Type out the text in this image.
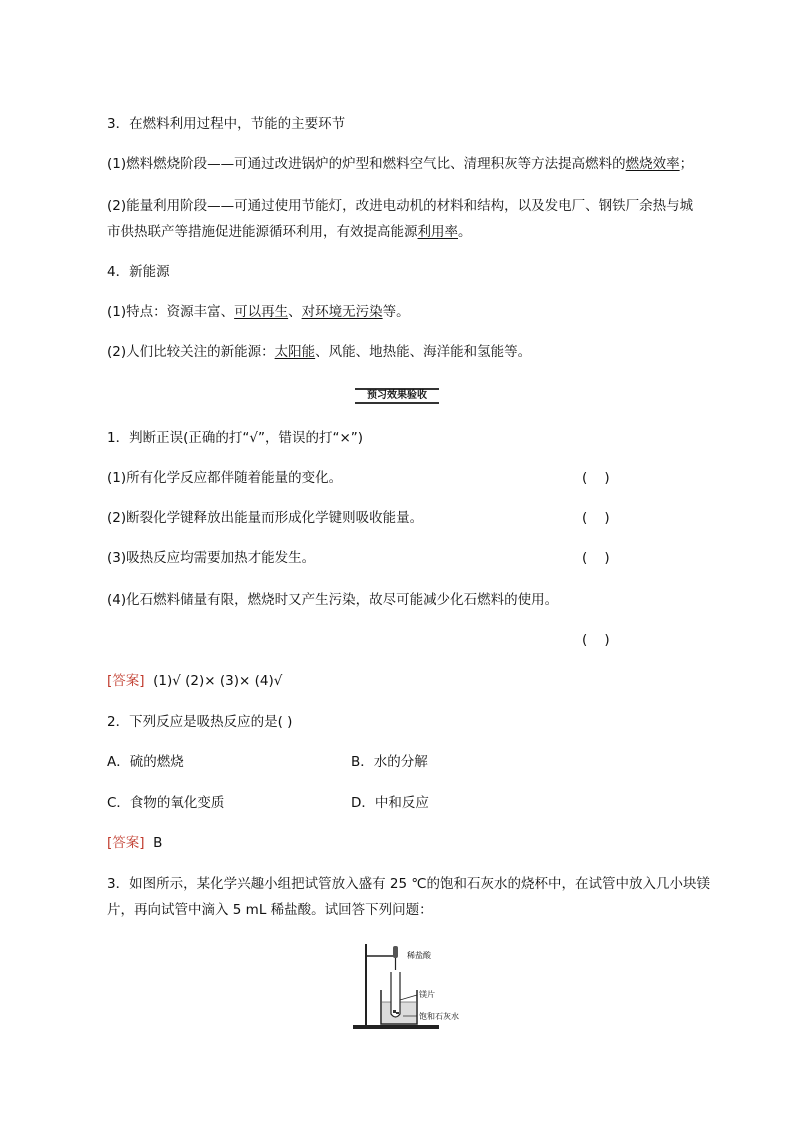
3．在燃料利用过程中，节能的主要环节
(1)燃料燃烧阶段——可通过改进锅炉的炉型和燃料空气比、清理积灰等方法提高燃料的燃烧效率；
(2)能量利用阶段——可通过使用节能灯，改进电动机的材料和结构，以及发电厂、钢铁厂余热与城
市供热联产等措施促进能源循环利用，有效提高能源利用率。
4．新能源
(1)特点：资源丰富、可以再生、对环境无污染等。
(2)人们比较关注的新能源：太阳能、风能、地热能、海洋能和氢能等。
预习效果验收
1．判断正误(正确的打“√”，错误的打“×”)
(1)所有化学反应都伴随着能量的变化。	(    )
(2)断裂化学键释放出能量而形成化学键则吸收能量。	(    )
(3)吸热反应均需要加热才能发生。	(    )
(4)化石燃料储量有限，燃烧时又产生污染，故尽可能减少化石燃料的使用。
(    )
[答案] (1)√ (2)× (3)× (4)√
2．下列反应是吸热反应的是( )
A．硫的燃烧	B．水的分解
C．食物的氧化变质	D．中和反应
[答案] B
3．如图所示，某化学兴趣小组把试管放入盛有 25 ℃的饱和石灰水的烧杯中，在试管中放入几小块镁
片，再向试管中滴入 5 mL 稀盐酸。试回答下列问题：
稀盐酸
镁片
饱和石灰水
